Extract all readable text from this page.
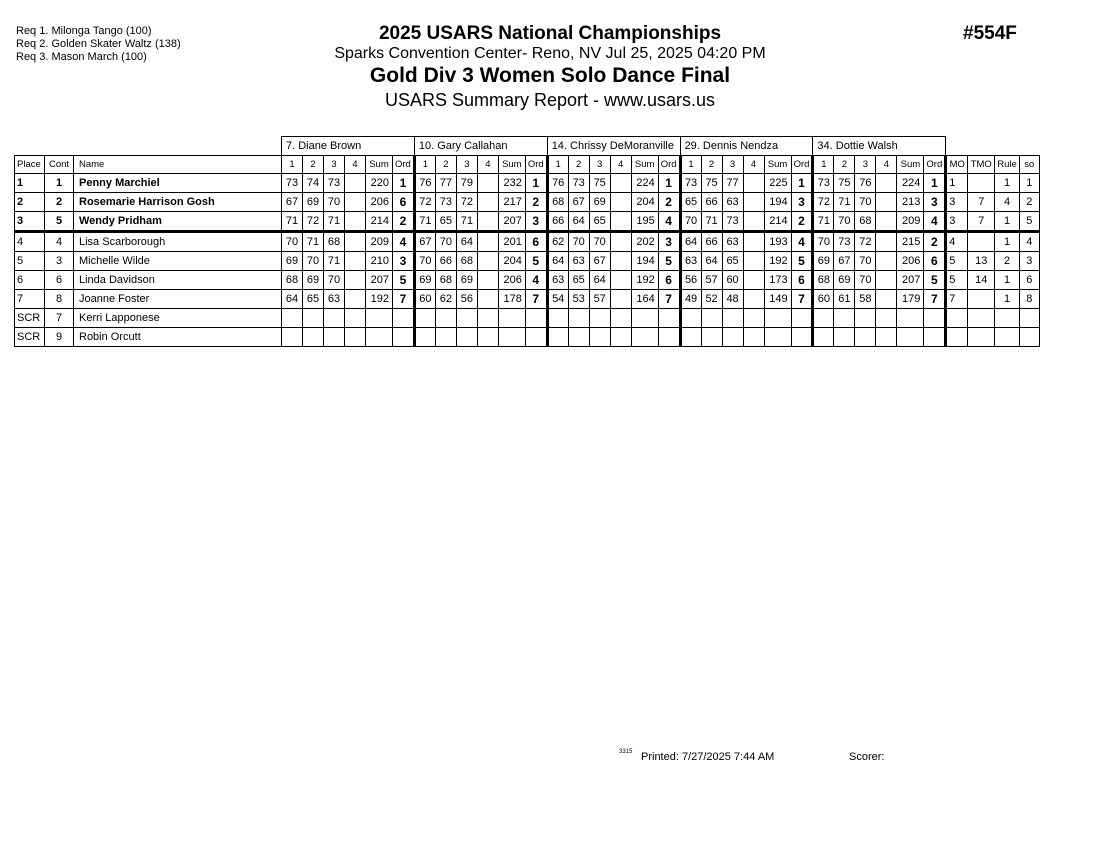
Req 1. Milonga Tango (100)
Req 2. Golden Skater Waltz (138)
Req 3. Mason March (100)
2025 USARS National Championships
Sparks Convention Center- Reno, NV Jul 25, 2025 04:20 PM
Gold Div 3 Women Solo Dance Final
USARS Summary Report - www.usars.us
#554F
			7. Diane Brown						10. Gary Callahan						14. Chrissy DeMoranville						29. Dennis Nendza						34. Dottie Walsh									
Place	Cont	Name	1	2	3	4	Sum	Ord	1	2	3	4	Sum	Ord	1	2	3	4	Sum	Ord	1	2	3	4	Sum	Ord	1	2	3	4	Sum	Ord	MO	TMO	Rule	so
1	1	Penny Marchiel	73	74	73		220	1	76	77	79		232	1	76	73	75		224	1	73	75	77		225	1	73	75	76		224	1	1		1	1
2	2	Rosemarie Harrison Gosh	67	69	70		206	6	72	73	72		217	2	68	67	69		204	2	65	66	63		194	3	72	71	70		213	3	3	7	4	2
3	5	Wendy Pridham	71	72	71		214	2	71	65	71		207	3	66	64	65		195	4	70	71	73		214	2	71	70	68		209	4	3	7	1	5
4	4	Lisa Scarborough	70	71	68		209	4	67	70	64		201	6	62	70	70		202	3	64	66	63		193	4	70	73	72		215	2	4		1	4
5	3	Michelle Wilde	69	70	71		210	3	70	66	68		204	5	64	63	67		194	5	63	64	65		192	5	69	67	70		206	6	5	13	2	3
6	6	Linda Davidson	68	69	70		207	5	69	68	69		206	4	63	65	64		192	6	56	57	60		173	6	68	69	70		207	5	5	14	1	6
7	8	Joanne Foster	64	65	63		192	7	60	62	56		178	7	54	53	57		164	7	49	52	48		149	7	60	61	58		179	7	7		1	8
SCR	7	Kerri Lapponese																																		
SCR	9	Robin Orcutt																																		
3315 Printed: 7/27/2025 7:44 AM	Scorer:
